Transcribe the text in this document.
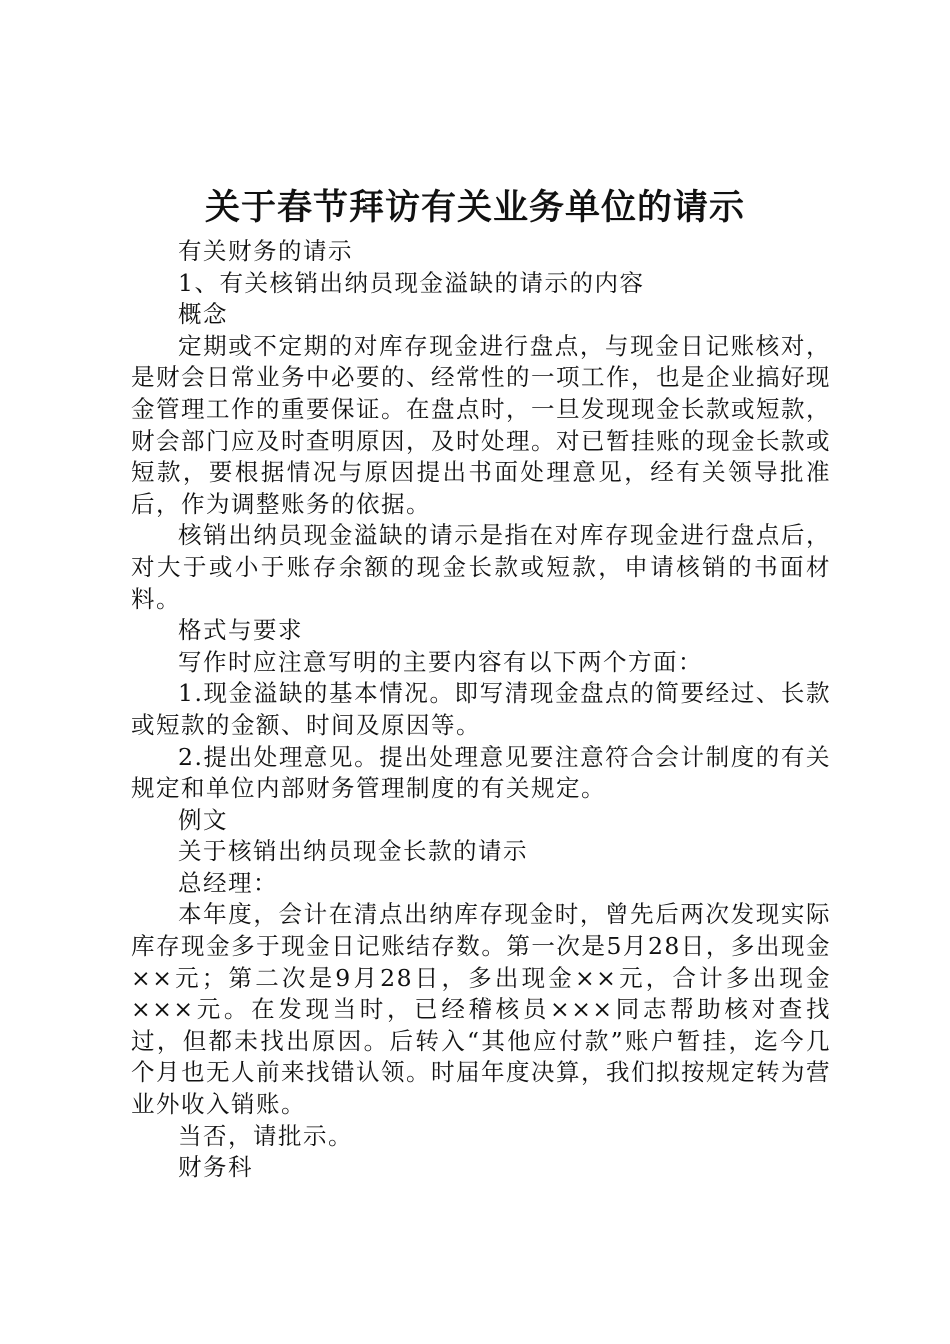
关于春节拜访有关业务单位的请示

有关财务的请示

1、有关核销出纳员现金溢缺的请示的内容

概念

定期或不定期的对库存现金进行盘点，与现金日记账核对，是财会日常业务中必要的、经常性的一项工作，也是企业搞好现金管理工作的重要保证。在盘点时，一旦发现现金长款或短款，财会部门应及时查明原因，及时处理。对已暂挂账的现金长款或短款，要根据情况与原因提出书面处理意见，经有关领导批准后，作为调整账务的依据。

核销出纳员现金溢缺的请示是指在对库存现金进行盘点后，对大于或小于账存余额的现金长款或短款，申请核销的书面材料。

格式与要求

写作时应注意写明的主要内容有以下两个方面：

1.现金溢缺的基本情况。即写清现金盘点的简要经过、长款或短款的金额、时间及原因等。

2.提出处理意见。提出处理意见要注意符合会计制度的有关规定和单位内部财务管理制度的有关规定。

例文

关于核销出纳员现金长款的请示

总经理：

本年度，会计在清点出纳库存现金时，曾先后两次发现实际库存现金多于现金日记账结存数。第一次是5月28日，多出现金××元；第二次是9月28日，多出现金××元，合计多出现金×××元。在发现当时，已经稽核员×××同志帮助核对查找过，但都未找出原因。后转入“其他应付款”账户暂挂，迄今几个月也无人前来找错认领。时届年度决算，我们拟按规定转为营业外收入销账。

当否，请批示。

财务科
